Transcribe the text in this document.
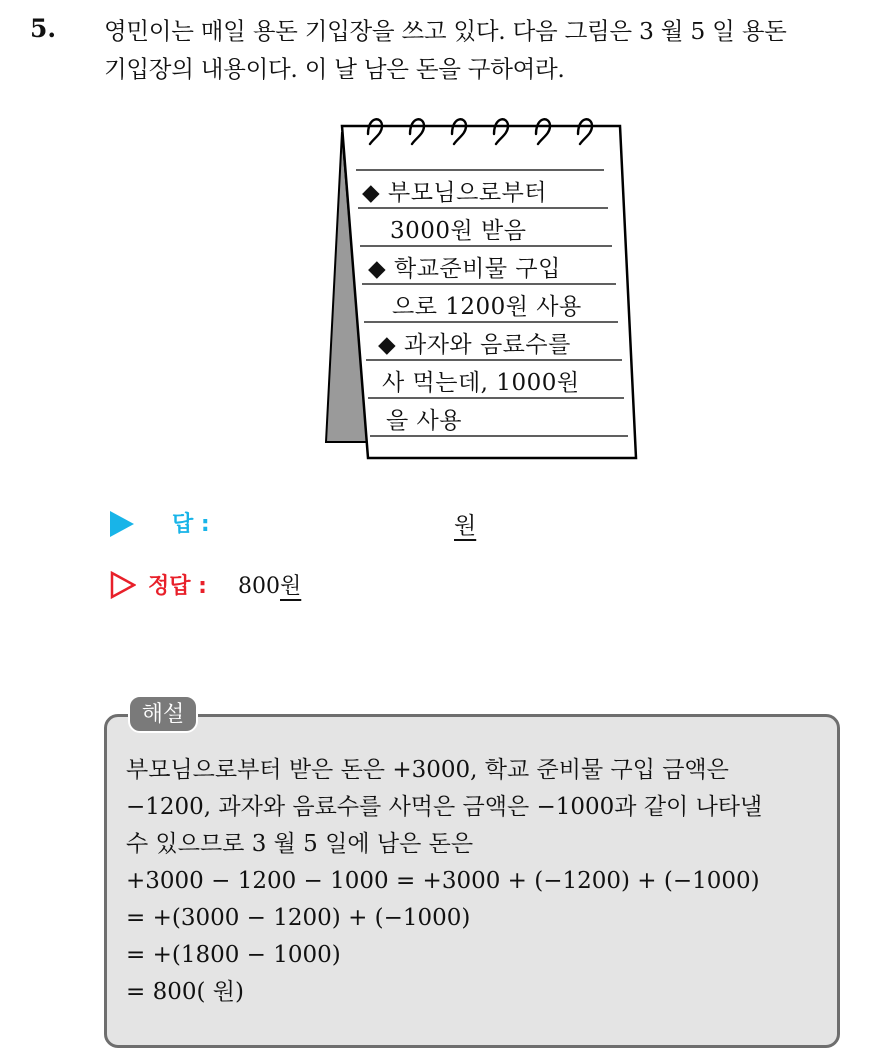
5. 영민이는 매일 용돈 기입장을 쓰고 있다. 다음 그림은 3 월 5 일 용돈
기입장의 내용이다. 이 날 남은 돈을 구하여라.
◆ 부모님으로부터
3000원 받음
◆ 학교준비물 구입
으로 1200원 사용
◆ 과자와 음료수를
사 먹는데, 1000원
을 사용
답 :	원
정답 : 800원
해설
부모님으로부터 받은 돈은 +3000, 학교 준비물 구입 금액은
−1200, 과자와 음료수를 사먹은 금액은 −1000과 같이 나타낼
수 있으므로 3 월 5 일에 남은 돈은
+3000 − 1200 − 1000 = +3000 + (−1200) + (−1000)
= +(3000 − 1200) + (−1000)
= +(1800 − 1000)
= 800( 원)
